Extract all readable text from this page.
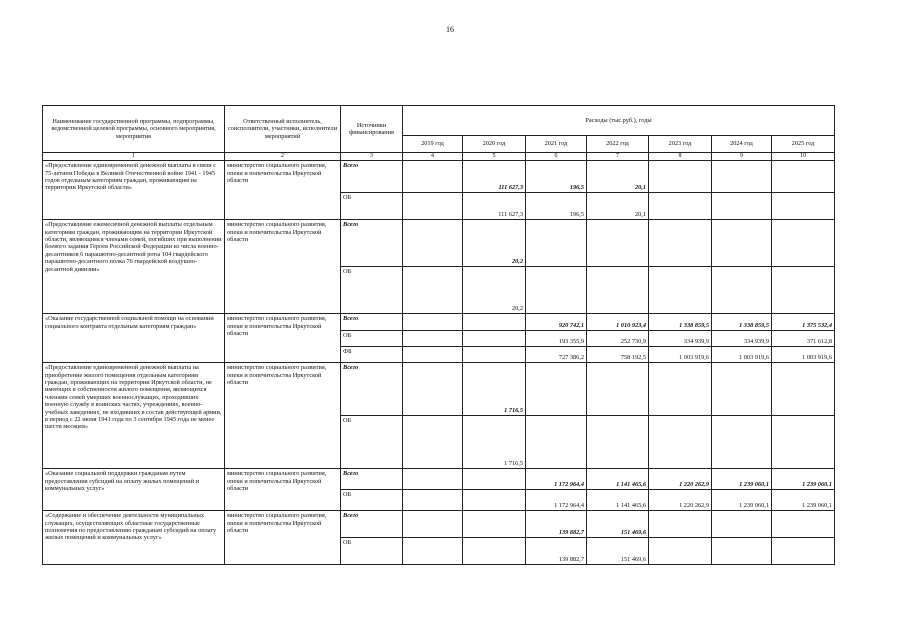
16
Наименование государственной программы, подпрограммы, ведомственной целевой программы, основного мероприятия, мероприятия	Ответственный исполнитель, соисполнители, участники, исполнители мероприятий	Источники финансирования	Расходы (тыс.руб.), годы						
			2019 год	2020 год	2021 год	2022 год	2023 год	2024 год	2025 год
1	2	3	4	5	6	7	8	9	10
«Предоставление единовременной денежной выплаты в связи с 75-летием Победы в Великой Отечественной войне 1941 - 1945 годов отдельным категориям граждан, проживающим на территории Иркутской области»	министерство социального развития, опеки и попечительства Иркутской области	Всего		111 627,3	196,5	20,1			
		ОБ		111 627,3	196,5	20,1			
«Предоставление ежемесячной денежной выплаты отдельным категориям граждан, проживающим на территории Иркутской области, являющимся членами семей, погибших при выполнении боевого задания Героев Российской Федерации из числа военно-десантников 6 парашютно-десантной роты 104 гвардейского парашютно-десантного полка 76 гвардейской воздушно-десантной дивизии»	министерство социального развития, опеки и попечительства Иркутской области	Всего		20,2					
		ОБ		20,2					
«Оказание государственной социальной помощи на основании социального контракта отдельным категориям граждан»	министерство социального развития, опеки и попечительства Иркутской области	Всего			920 742,1	1 010 923,4	1 338 859,5	1 338 859,5	1 375 532,4
		ОБ			193 355,9	252 730,9	334 939,9	334 939,9	371 612,8
		ФБ			727 386,2	758 192,5	1 003 919,6	1 003 919,6	1 003 919,6
«Предоставление единовременной денежной выплаты на приобретение жилого помещения отдельным категориям граждан, проживающих на территории Иркутской области, не имеющих в собственности жилого помещения, являющихся членами семей умерших военнослужащих, проходивших военную службу в воинских частях, учреждениях, военно-учебных заведениях, не входивших в состав действующей армии, в период с 22 июня 1941 года по 3 сентября 1945 года не менее шести месяцев»	министерство социального развития, опеки и попечительства Иркутской области	Всего		1 716,5					
		ОБ		1 716,5					
«Оказание социальной поддержки гражданам путем предоставления субсидий на оплату жилых помещений и коммунальных услуг»	министерство социального развития, опеки и попечительства Иркутской области	Всего			1 172 964,4	1 141 465,6	1 220 262,9	1 239 060,1	1 239 060,1
		ОБ			1 172 964,4	1 141 465,6	1 220 262,9	1 239 060,1	1 239 060,1
«Содержание и обеспечение деятельности муниципальных служащих, осуществляющих областные государственные полномочия по предоставлению гражданам субсидий на оплату жилых помещений и коммунальных услуг»	министерство социального развития, опеки и попечительства Иркутской области	Всего			139 882,7	151 469,6			
		ОБ			139 882,7	151 469,6			
